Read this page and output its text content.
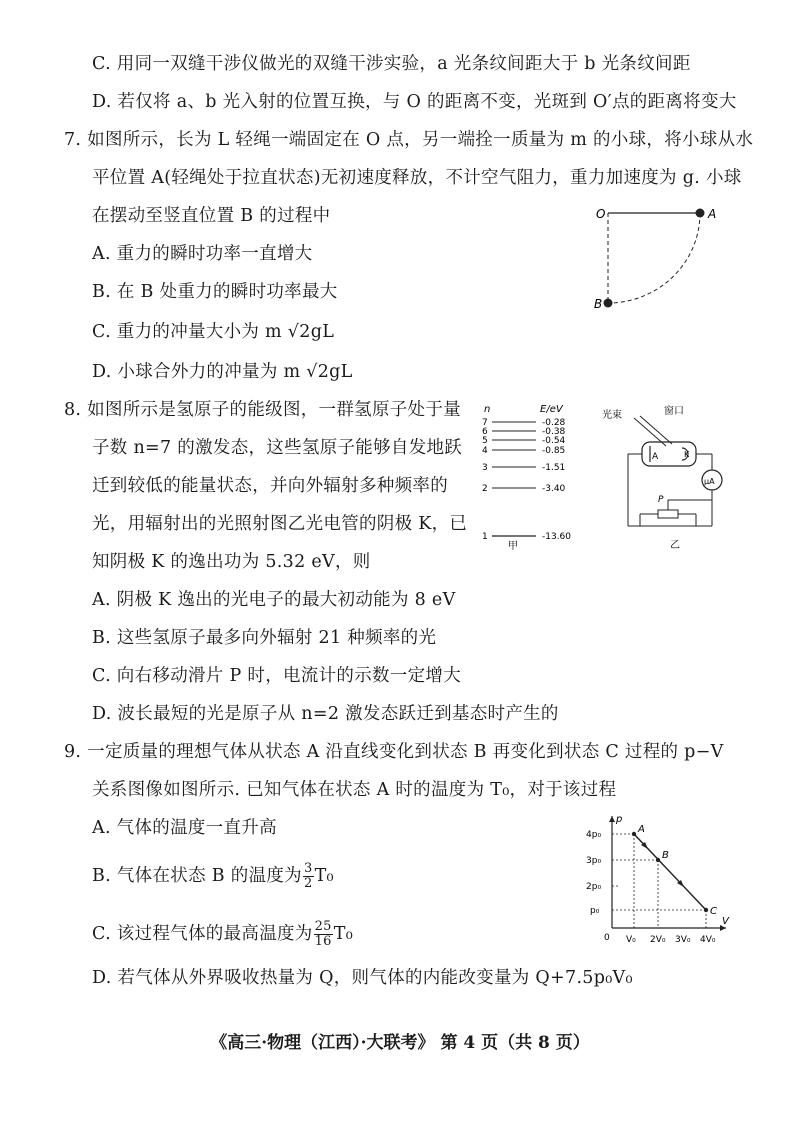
C. 用同一双缝干涉仪做光的双缝干涉实验，a 光条纹间距大于 b 光条纹间距
D. 若仅将 a、b 光入射的位置互换，与 O 的距离不变，光斑到 O′点的距离将变大
7. 如图所示，长为 L 轻绳一端固定在 O 点，另一端拴一质量为 m 的小球，将小球从水
平位置 A(轻绳处于拉直状态)无初速度释放，不计空气阻力，重力加速度为 g. 小球
在摆动至竖直位置 B 的过程中
A. 重力的瞬时功率一直增大
B. 在 B 处重力的瞬时功率最大
C. 重力的冲量大小为 m √2gL
D. 小球合外力的冲量为 m √2gL
O	A
B
8. 如图所示是氢原子的能级图，一群氢原子处于量
子数 n=7 的激发态，这些氢原子能够自发地跃
迁到较低的能量状态，并向外辐射多种频率的
光，用辐射出的光照射图乙光电管的阴极 K，已
知阴极 K 的逸出功为 5.32 eV，则
A. 阴极 K 逸出的光电子的最大初动能为 8 eV
B. 这些氢原子最多向外辐射 21 种频率的光
C. 向右移动滑片 P 时，电流计的示数一定增大
D. 波长最短的光是原子从 n=2 激发态跃迁到基态时产生的
n	E/eV
7	-0.28
6	-0.38
5	-0.54
4	-0.85
3	-1.51
2	-3.40
1	-13.60
甲
光束	窗口
A	K
μA
P
乙
9. 一定质量的理想气体从状态 A 沿直线变化到状态 B 再变化到状态 C 过程的 p−V
关系图像如图所示. 已知气体在状态 A 时的温度为 T₀，对于该过程
A. 气体的温度一直升高
B. 气体在状态 B 的温度为 $\frac{3}{2} T_0$
C. 该过程气体的最高温度为 $\frac{25}{16} T_0$
D. 若气体从外界吸收热量为 Q，则气体的内能改变量为 Q+7.5p₀V₀
p
V
0
4p₀
3p₀
2p₀
p₀
V₀ 2V₀ 3V₀ 4V₀
A
B
C
《高三·物理（江西）·大联考》 第 4 页（共 8 页）
